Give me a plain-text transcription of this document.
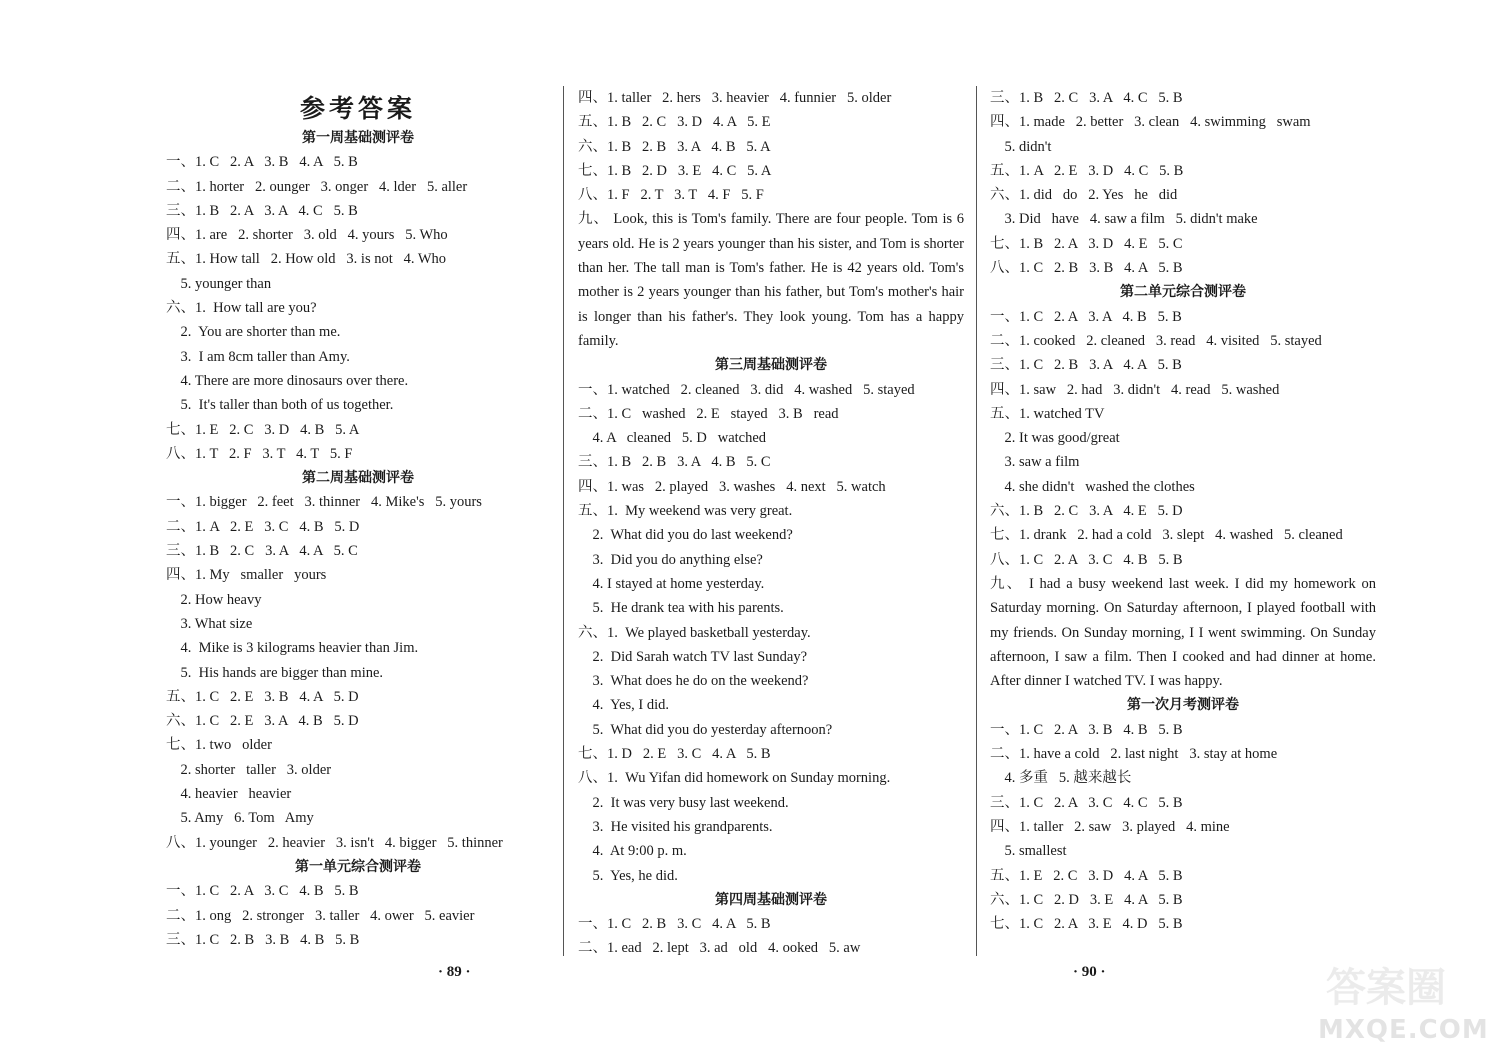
参考答案
第一周基础测评卷
一、1. C   2. A   3. B   4. A   5. B
二、1. horter   2. ounger   3. onger   4. lder   5. aller
三、1. B   2. A   3. A   4. C   5. B
四、1. are   2. shorter   3. old   4. yours   5. Who
五、1. How tall   2. How old   3. is not   4. Who
5. younger than
六、1.  How tall are you?
2.  You are shorter than me.
3.  I am 8cm taller than Amy.
4. There are more dinosaurs over there.
5.  It's taller than both of us together.
七、1. E   2. C   3. D   4. B   5. A
八、1. T   2. F   3. T   4. T   5. F
第二周基础测评卷
一、1. bigger   2. feet   3. thinner   4. Mike's   5. yours
二、1. A   2. E   3. C   4. B   5. D
三、1. B   2. C   3. A   4. A   5. C
四、1. My   smaller   yours
2. How heavy
3. What size
4.  Mike is 3 kilograms heavier than Jim.
5.  His hands are bigger than mine.
五、1. C   2. E   3. B   4. A   5. D
六、1. C   2. E   3. A   4. B   5. D
七、1. two   older
2. shorter   taller   3. older
4. heavier   heavier
5. Amy   6. Tom   Amy
八、1. younger   2. heavier   3. isn't   4. bigger   5. thinner
第一单元综合测评卷
一、1. C   2. A   3. C   4. B   5. B
二、1. ong   2. stronger   3. taller   4. ower   5. eavier
三、1. C   2. B   3. B   4. B   5. B
四、1. taller   2. hers   3. heavier   4. funnier   5. older
五、1. B   2. C   3. D   4. A   5. E
六、1. B   2. B   3. A   4. B   5. A
七、1. B   2. D   3. E   4. C   5. A
八、1. F   2. T   3. T   4. F   5. F
九、 Look, this is Tom's family. There are four people. Tom is 6 years old. He is 2 years younger than his sister, and Tom is shorter than her. The tall man is Tom's father. He is 42 years old. Tom's mother is 2 years younger than his father, but Tom's mother's hair is longer than his father's. They look young. Tom has a happy family.
第三周基础测评卷
一、1. watched   2. cleaned   3. did   4. washed   5. stayed
二、1. C   washed   2. E   stayed   3. B   read
4. A   cleaned   5. D   watched
三、1. B   2. B   3. A   4. B   5. C
四、1. was   2. played   3. washes   4. next   5. watch
五、1.  My weekend was very great.
2.  What did you do last weekend?
3.  Did you do anything else?
4. I stayed at home yesterday.
5.  He drank tea with his parents.
六、1.  We played basketball yesterday.
2.  Did Sarah watch TV last Sunday?
3.  What does he do on the weekend?
4.  Yes, I did.
5.  What did you do yesterday afternoon?
七、1. D   2. E   3. C   4. A   5. B
八、1.  Wu Yifan did homework on Sunday morning.
2.  It was very busy last weekend.
3.  He visited his grandparents.
4.  At 9:00 p. m.
5.  Yes, he did.
第四周基础测评卷
一、1. C   2. B   3. C   4. A   5. B
二、1. ead   2. lept   3. ad   old   4. ooked   5. aw
三、1. B   2. C   3. A   4. C   5. B
四、1. made   2. better   3. clean   4. swimming   swam
5. didn't
五、1. A   2. E   3. D   4. C   5. B
六、1. did   do   2. Yes   he   did
3. Did   have   4. saw a film   5. didn't make
七、1. B   2. A   3. D   4. E   5. C
八、1. C   2. B   3. B   4. A   5. B
第二单元综合测评卷
一、1. C   2. A   3. A   4. B   5. B
二、1. cooked   2. cleaned   3. read   4. visited   5. stayed
三、1. C   2. B   3. A   4. A   5. B
四、1. saw   2. had   3. didn't   4. read   5. washed
五、1. watched TV
2. It was good/great
3. saw a film
4. she didn't   washed the clothes
六、1. B   2. C   3. A   4. E   5. D
七、1. drank   2. had a cold   3. slept   4. washed   5. cleaned
八、1. C   2. A   3. C   4. B   5. B
九、 I had a busy weekend last week. I did my homework on Saturday morning. On Saturday afternoon, I played football with my friends. On Sunday morning, I I went swimming. On Sunday afternoon, I saw a film. Then I cooked and had dinner at home. After dinner I watched TV. I was happy.
第一次月考测评卷
一、1. C   2. A   3. B   4. B   5. B
二、1. have a cold   2. last night   3. stay at home
4. 多重   5. 越来越长
三、1. C   2. A   3. C   4. C   5. B
四、1. taller   2. saw   3. played   4. mine
5. smallest
五、1. E   2. C   3. D   4. A   5. B
六、1. C   2. D   3. E   4. A   5. B
七、1. C   2. A   3. E   4. D   5. B
· 89 ·	· 90 ·	答案圈
MXQE.COM
